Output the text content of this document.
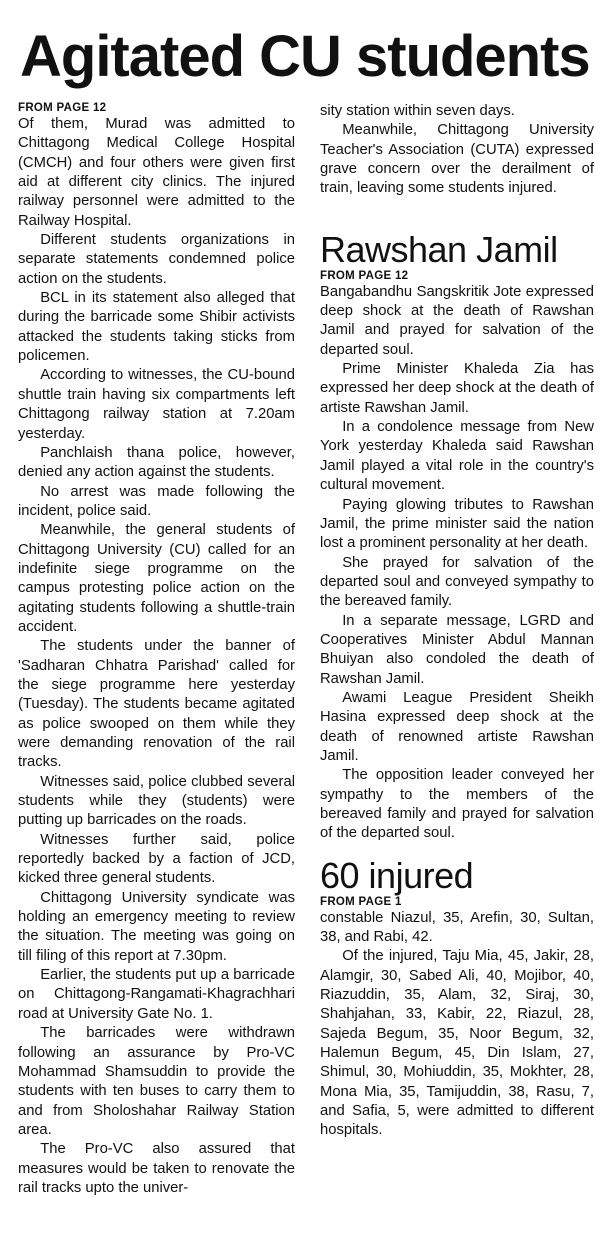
Agitated CU students
FROM PAGE 12

Of them, Murad was admitted to Chittagong Medical College Hospital (CMCH) and four others were given first aid at different city clinics. The injured railway personnel were admitted to the Railway Hospital.

Different students organizations in separate statements condemned police action on the students.

BCL in its statement also alleged that during the barricade some Shibir activists attacked the students taking sticks from policemen.

According to witnesses, the CU-bound shuttle train having six compartments left Chittagong railway station at 7.20am yesterday.

Panchlaish thana police, however, denied any action against the students.

No arrest was made following the incident, police said.

Meanwhile, the general students of Chittagong University (CU) called for an indefinite siege programme on the campus protesting police action on the agitating students following a shuttle-train accident.

The students under the banner of 'Sadharan Chhatra Parishad' called for the siege programme here yesterday (Tuesday). The students became agitated as police swooped on them while they were demanding renovation of the rail tracks.

Witnesses said, police clubbed several students while they (students) were putting up barricades on the roads.

Witnesses further said, police reportedly backed by a faction of JCD, kicked three general students.

Chittagong University syndicate was holding an emergency meeting to review the situation. The meeting was going on till filing of this report at 7.30pm.

Earlier, the students put up a barricade on Chittagong-Rangamati-Khagrachhari road at University Gate No. 1.

The barricades were withdrawn following an assurance by Pro-VC Mohammad Shamsuddin to provide the students with ten buses to carry them to and from Sholoshahar Railway Station area.

The Pro-VC also assured that measures would be taken to renovate the rail tracks upto the univer-

sity station within seven days.

Meanwhile, Chittagong University Teacher's Association (CUTA) expressed grave concern over the derailment of train, leaving some students injured.

Rawshan Jamil
FROM PAGE 12

Bangabandhu Sangskritik Jote expressed deep shock at the death of Rawshan Jamil and prayed for salvation of the departed soul.

Prime Minister Khaleda Zia has expressed her deep shock at the death of artiste Rawshan Jamil.

In a condolence message from New York yesterday Khaleda said Rawshan Jamil played a vital role in the country's cultural movement.

Paying glowing tributes to Rawshan Jamil, the prime minister said the nation lost a prominent personality at her death.

She prayed for salvation of the departed soul and conveyed sympathy to the bereaved family.

In a separate message, LGRD and Cooperatives Minister Abdul Mannan Bhuiyan also condoled the death of Rawshan Jamil.

Awami League President Sheikh Hasina expressed deep shock at the death of renowned artiste Rawshan Jamil.

The opposition leader conveyed her sympathy to the members of the bereaved family and prayed for salvation of the departed soul.

60 injured
FROM PAGE 1

constable Niazul, 35, Arefin, 30, Sultan, 38, and Rabi, 42.

Of the injured, Taju Mia, 45, Jakir, 28, Alamgir, 30, Sabed Ali, 40, Mojibor, 40, Riazuddin, 35, Alam, 32, Siraj, 30, Shahjahan, 33, Kabir, 22, Riazul, 28, Sajeda Begum, 35, Noor Begum, 32, Halemun Begum, 45, Din Islam, 27, Shimul, 30, Mohiuddin, 35, Mokhter, 28, Mona Mia, 35, Tamijuddin, 38, Rasu, 7, and Safia, 5, were admitted to different hospitals.
